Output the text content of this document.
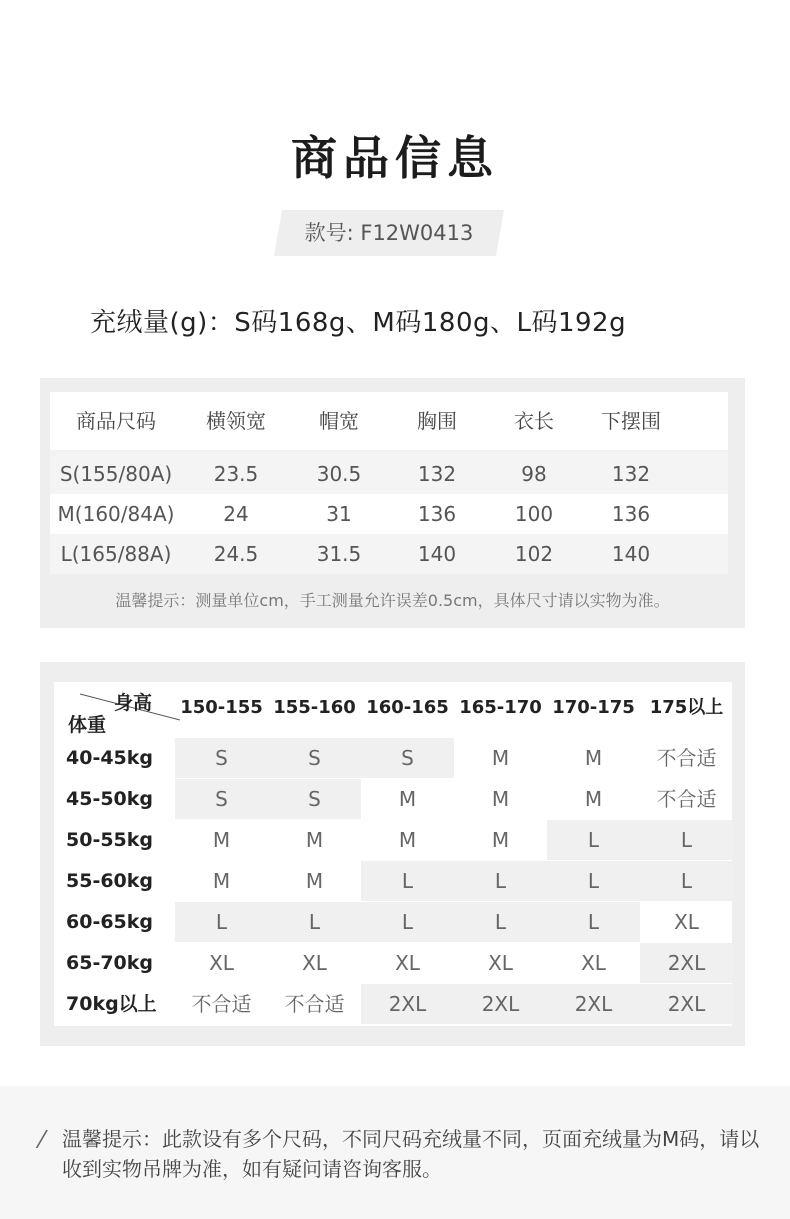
商品信息
款号: F12W0413
充绒量(g)：S码168g、M码180g、L码192g
商品尺码	横领宽	帽宽	胸围	衣长	下摆围
S(155/80A)	23.5	30.5	132	98	132
M(160/84A)	24	31	136	100	136
L(165/88A)	24.5	31.5	140	102	140
温馨提示：测量单位cm，手工测量允许误差0.5cm，具体尺寸请以实物为准。
身高
体重
150-155 155-160 160-165 165-170 170-175 175以上
40-45kg	S	S	S	M	M	不合适
45-50kg	S	S	M	M	M	不合适
50-55kg	M	M	M	M	L	L
55-60kg	M	M	L	L	L	L
60-65kg	L	L	L	L	L	XL
65-70kg	XL	XL	XL	XL	XL	2XL
70kg以上	不合适	不合适	2XL	2XL	2XL	2XL
/ 温馨提示：此款设有多个尺码，不同尺码充绒量不同，页面充绒量为M码，请以收到实物吊牌为准，如有疑问请咨询客服。
